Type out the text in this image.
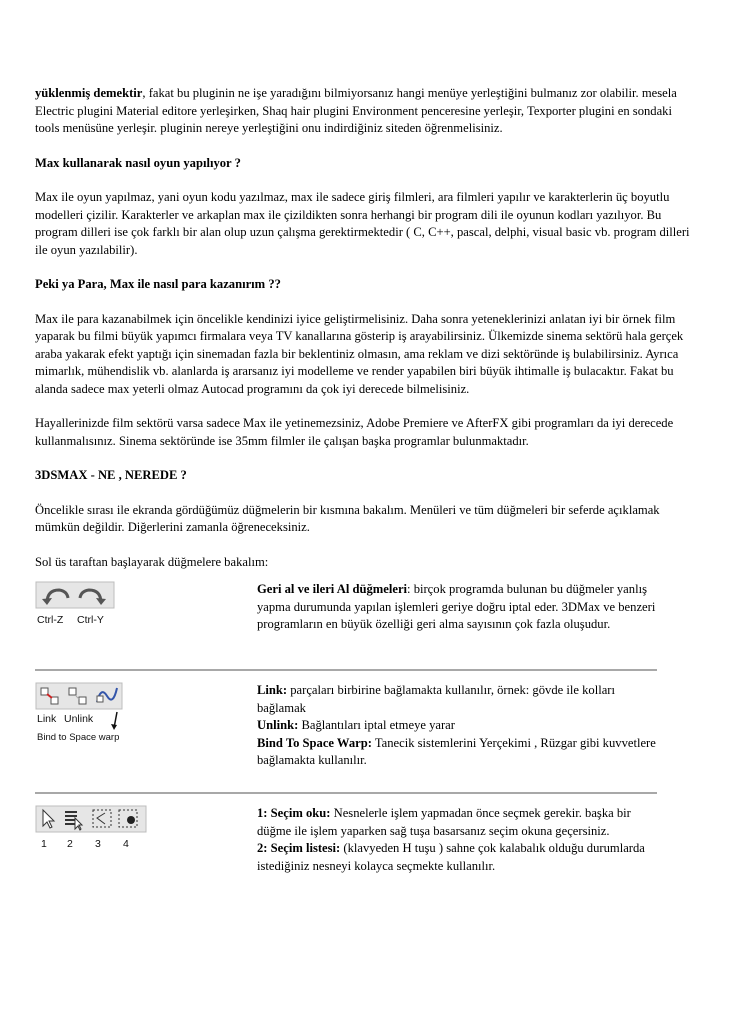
yüklenmiş demektir, fakat bu pluginin ne işe yaradığını bilmiyorsanız hangi menüye yerleştiğini bulmanız zor olabilir. mesela Electric plugini Material editore yerleşirken, Shaq hair plugini Environment penceresine yerleşir, Texporter plugini en sondaki tools menüsüne yerleşir. pluginin nereye yerleştiğini onu indirdiğiniz siteden öğrenmelisiniz.

Max kullanarak nasıl oyun yapılıyor ?

Max ile oyun yapılmaz, yani oyun kodu yazılmaz, max ile sadece giriş filmleri, ara filmleri yapılır ve karakterlerin üç boyutlu modelleri çizilir. Karakterler ve arkaplan max ile çizildikten sonra herhangi bir program dili ile oyunun kodları yazılıyor. Bu program dilleri ise çok farklı bir alan olup uzun çalışma gerektirmektedir ( C, C++, pascal, delphi, visual basic vb. program dilleri ile oyun yazılabilir).

Peki ya Para, Max ile nasıl para kazanırım ??

Max ile para kazanabilmek için öncelikle kendinizi iyice geliştirmelisiniz. Daha sonra yeteneklerinizi anlatan iyi bir örnek film yaparak bu filmi büyük yapımcı firmalara veya TV kanallarına gösterip iş arayabilirsiniz. Ülkemizde sinema sektörü hala gerçek araba yakarak efekt yaptığı için sinemadan fazla bir beklentiniz olmasın, ama reklam ve dizi sektöründe iş bulabilirsiniz. Ayrıca mimarlık, mühendislik vb. alanlarda iş ararsanız iyi modelleme ve render yapabilen biri büyük ihtimalle iş bulacaktır. Fakat bu alanda sadece max yeterli olmaz Autocad programını da çok iyi derecede bilmelisiniz.

Hayallerinizde film sektörü varsa sadece Max ile yetinemezsiniz, Adobe Premiere ve AfterFX gibi programları da iyi derecede kullanmalısınız. Sinema sektöründe ise 35mm filmler ile çalışan başka programlar bulunmaktadır.

3DSMAX - NE , NEREDE ?

Öncelikle sırası ile ekranda gördüğümüz düğmelerin bir kısmına bakalım. Menüleri ve tüm düğmeleri bir seferde açıklamak mümkün değildir. Diğerlerini zamanla öğreneceksiniz.

Sol üs taraftan başlayarak düğmelere bakalım:

Ctrl-Z Ctrl-Y
Geri al ve ileri Al düğmeleri: birçok programda bulunan bu düğmeler yanlış yapma durumunda yapılan işlemleri geriye doğru iptal eder. 3DMax ve benzeri programların en büyük özelliği geri alma sayısının çok fazla oluşudur.
Link Unlink
Bind to Space warp
Link: parçaları birbirine bağlamakta kullanılır, örnek: gövde ile kolları bağlamak
Unlink: Bağlantıları iptal etmeye yarar
Bind To Space Warp: Tanecik sistemlerini Yerçekimi , Rüzgar gibi kuvvetlere bağlamakta kullanılır.
1 2 3 4
1: Seçim oku: Nesnelerle işlem yapmadan önce seçmek gerekir. başka bir düğme ile işlem yaparken sağ tuşa basarsanız seçim okuna geçersiniz.
2: Seçim listesi: (klavyeden H tuşu ) sahne çok kalabalık olduğu durumlarda istediğiniz nesneyi kolayca seçmekte kullanılır.
